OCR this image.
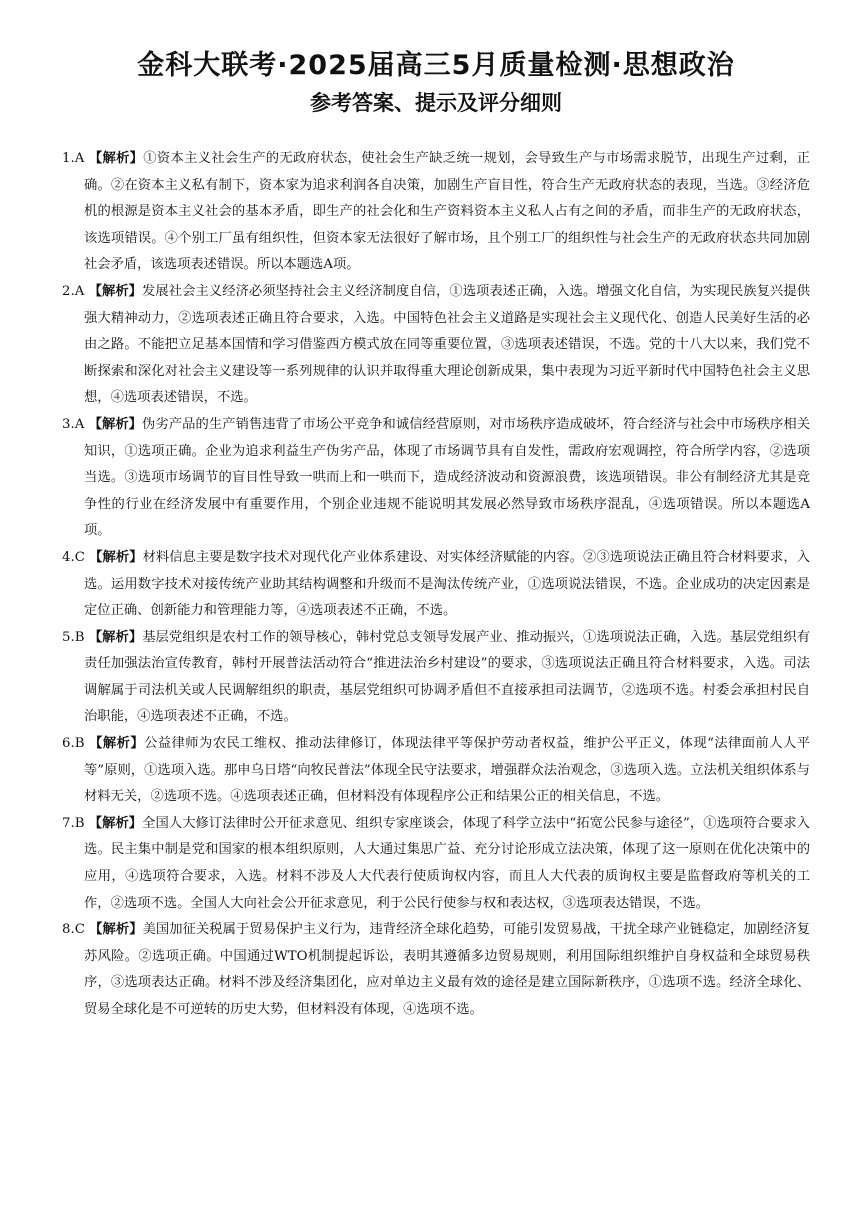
金科大联考·2025届高三5月质量检测·思想政治
参考答案、提示及评分细则
1.A 【解析】①资本主义社会生产的无政府状态，使社会生产缺乏统一规划，会导致生产与市场需求脱节，出现生产过剩，正确。②在资本主义私有制下，资本家为追求利润各自决策，加剧生产盲目性，符合生产无政府状态的表现，当选。③经济危机的根源是资本主义社会的基本矛盾，即生产的社会化和生产资料资本主义私人占有之间的矛盾，而非生产的无政府状态，该选项错误。④个别工厂虽有组织性，但资本家无法很好了解市场，且个别工厂的组织性与社会生产的无政府状态共同加剧社会矛盾，该选项表述错误。所以本题选A项。
2.A 【解析】发展社会主义经济必须坚持社会主义经济制度自信，①选项表述正确，入选。增强文化自信，为实现民族复兴提供强大精神动力，②选项表述正确且符合要求，入选。中国特色社会主义道路是实现社会主义现代化、创造人民美好生活的必由之路。不能把立足基本国情和学习借鉴西方模式放在同等重要位置，③选项表述错误，不选。党的十八大以来，我们党不断探索和深化对社会主义建设等一系列规律的认识并取得重大理论创新成果，集中表现为习近平新时代中国特色社会主义思想，④选项表述错误，不选。
3.A 【解析】伪劣产品的生产销售违背了市场公平竞争和诚信经营原则，对市场秩序造成破坏，符合经济与社会中市场秩序相关知识，①选项正确。企业为追求利益生产伪劣产品，体现了市场调节具有自发性，需政府宏观调控，符合所学内容，②选项当选。③选项市场调节的盲目性导致一哄而上和一哄而下，造成经济波动和资源浪费，该选项错误。非公有制经济尤其是竞争性的行业在经济发展中有重要作用，个别企业违规不能说明其发展必然导致市场秩序混乱，④选项错误。所以本题选A项。
4.C 【解析】材料信息主要是数字技术对现代化产业体系建设、对实体经济赋能的内容。②③选项说法正确且符合材料要求，入选。运用数字技术对接传统产业助其结构调整和升级而不是淘汰传统产业，①选项说法错误，不选。企业成功的决定因素是定位正确、创新能力和管理能力等，④选项表述不正确，不选。
5.B 【解析】基层党组织是农村工作的领导核心，韩村党总支领导发展产业、推动振兴，①选项说法正确，入选。基层党组织有责任加强法治宣传教育，韩村开展普法活动符合“推进法治乡村建设”的要求，③选项说法正确且符合材料要求，入选。司法调解属于司法机关或人民调解组织的职责，基层党组织可协调矛盾但不直接承担司法调节，②选项不选。村委会承担村民自治职能，④选项表述不正确，不选。
6.B 【解析】公益律师为农民工维权、推动法律修订，体现法律平等保护劳动者权益，维护公平正义，体现“法律面前人人平等”原则，①选项入选。那申乌日塔“向牧民普法”体现全民守法要求，增强群众法治观念，③选项入选。立法机关组织体系与材料无关，②选项不选。④选项表述正确，但材料没有体现程序公正和结果公正的相关信息，不选。
7.B 【解析】全国人大修订法律时公开征求意见、组织专家座谈会，体现了科学立法中“拓宽公民参与途径”，①选项符合要求入选。民主集中制是党和国家的根本组织原则，人大通过集思广益、充分讨论形成立法决策，体现了这一原则在优化决策中的应用，④选项符合要求，入选。材料不涉及人大代表行使质询权内容，而且人大代表的质询权主要是监督政府等机关的工作，②选项不选。全国人大向社会公开征求意见，利于公民行使参与权和表达权，③选项表达错误，不选。
8.C 【解析】美国加征关税属于贸易保护主义行为，违背经济全球化趋势，可能引发贸易战，干扰全球产业链稳定，加剧经济复苏风险。②选项正确。中国通过WTO机制提起诉讼，表明其遵循多边贸易规则，利用国际组织维护自身权益和全球贸易秩序，③选项表达正确。材料不涉及经济集团化，应对单边主义最有效的途径是建立国际新秩序，①选项不选。经济全球化、贸易全球化是不可逆转的历史大势，但材料没有体现，④选项不选。
